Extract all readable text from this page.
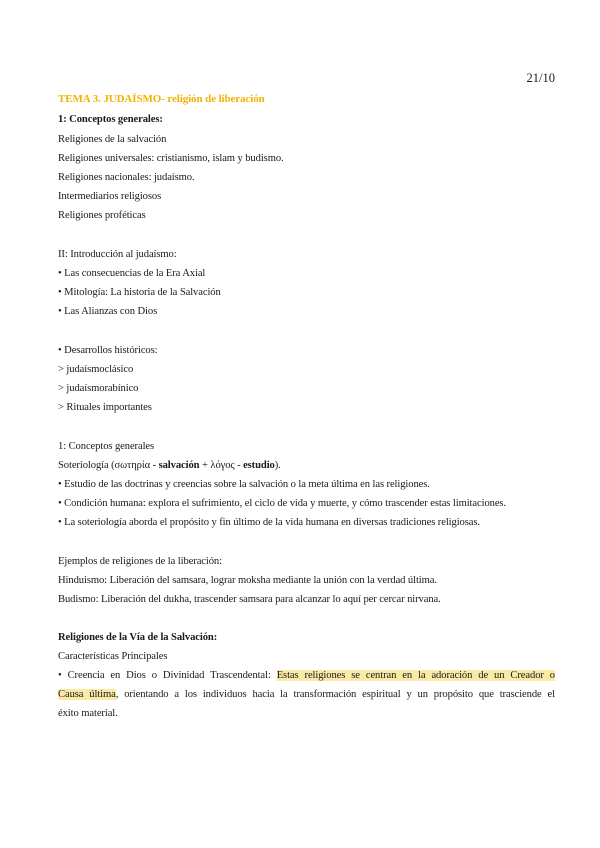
21/10
TEMA 3. JUDAÍSMO- religión de liberación
1: Conceptos generales:
Religiones de la salvación
Religiones universales: cristianismo, islam y budismo.
Religiones nacionales: judaísmo.
Intermediarios religiosos
Religiones proféticas
II: Introducción al judaísmo:
• Las consecuencias de la Era Axial
• Mitología: La historia de la Salvación
• Las Alianzas con Dios
• Desarrollos históricos:
> judaísmoclásico
> judaísmorabínico
> Rituales importantes
1: Conceptos generales
Soteriología (σωτηρία - salvación + λόγος - estudio).
• Estudio de las doctrinas y creencias sobre la salvación o la meta última en las religiones.
• Condición humana: explora el sufrimiento, el ciclo de vida y muerte, y cómo trascender estas limitaciones.
• La soteriología aborda el propósito y fin último de la vida humana en diversas tradiciones religiosas.
Ejemplos de religiones de la liberación:
Hinduismo: Liberación del samsara, lograr moksha mediante la unión con la verdad última.
Budismo: Liberación del dukha, trascender samsara para alcanzar lo aquí per cercar nirvana.
Religiones de la Vía de la Salvación:
Características Principales
• Creencia en Dios o Divinidad Trascendental: Estas religiones se centran en la adoración de un Creador o
Causa última, orientando a los individuos hacia la transformación espiritual y un propósito que trasciende el
éxito material.
